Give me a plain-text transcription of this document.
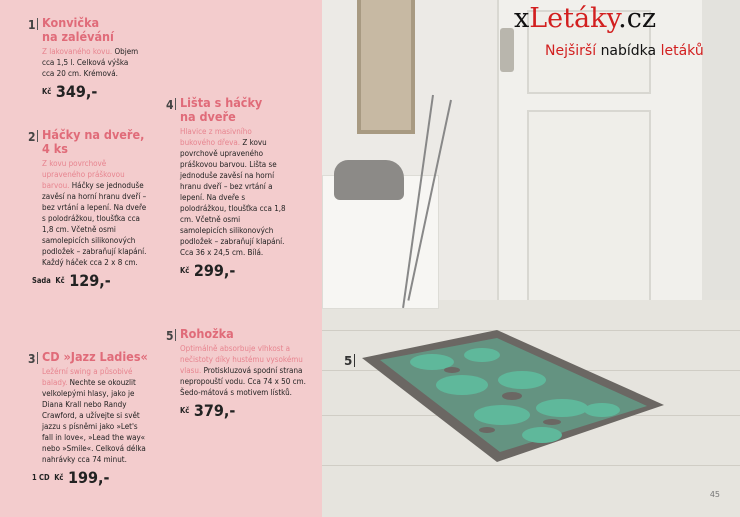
1 Konvička
na zalévání
Z lakovaného kovu. Objem cca 1,5 l. Celková výška cca 20 cm. Krémová.
Kč 349,-
2 Háčky na dveře,
4 ks
Z kovu povrchově upraveného práškovou barvou. Háčky se jednoduše zavěsí na horní hranu dveří – bez vrtání a lepení. Na dveře s polodrážkou, tloušťka cca 1,8 cm. Včetně osmi samolepicích silikonových podložek – zabraňují klapání. Každý háček cca 2 x 8 cm.
Sada Kč 129,-
3 CD »Jazz Ladies«
Ležérní swing a působivé balady. Nechte se okouzlit velkolepými hlasy, jako je Diana Krall nebo Randy Crawford, a užívejte si svět jazzu s písněmi jako »Let's fall in love«, »Lead the way« nebo »Smile«. Celková délka nahrávky cca 74 minut.
1 CD Kč 199,-
4 Lišta s háčky
na dveře
Hlavice z masivního bukového dřeva. Z kovu povrchově upraveného práškovou barvou. Lišta se jednoduše zavěsí na horní hranu dveří – bez vrtání a lepení. Na dveře s polodrážkou, tloušťka cca 1,8 cm. Včetně osmi samolepicích silikonových podložek – zabraňují klapání. Cca 36 x 24,5 cm. Bílá.
Kč 299,-
5 Rohožka
Optimálně absorbuje vlhkost a nečistoty díky hustému vysokému vlasu. Protiskluzová spodní strana nepropouští vodu. Cca 74 x 50 cm. Šedo-mátová s motivem lístků.
Kč 379,-
5
45
xLetáky.cz
Nejširší nabídka letáků
